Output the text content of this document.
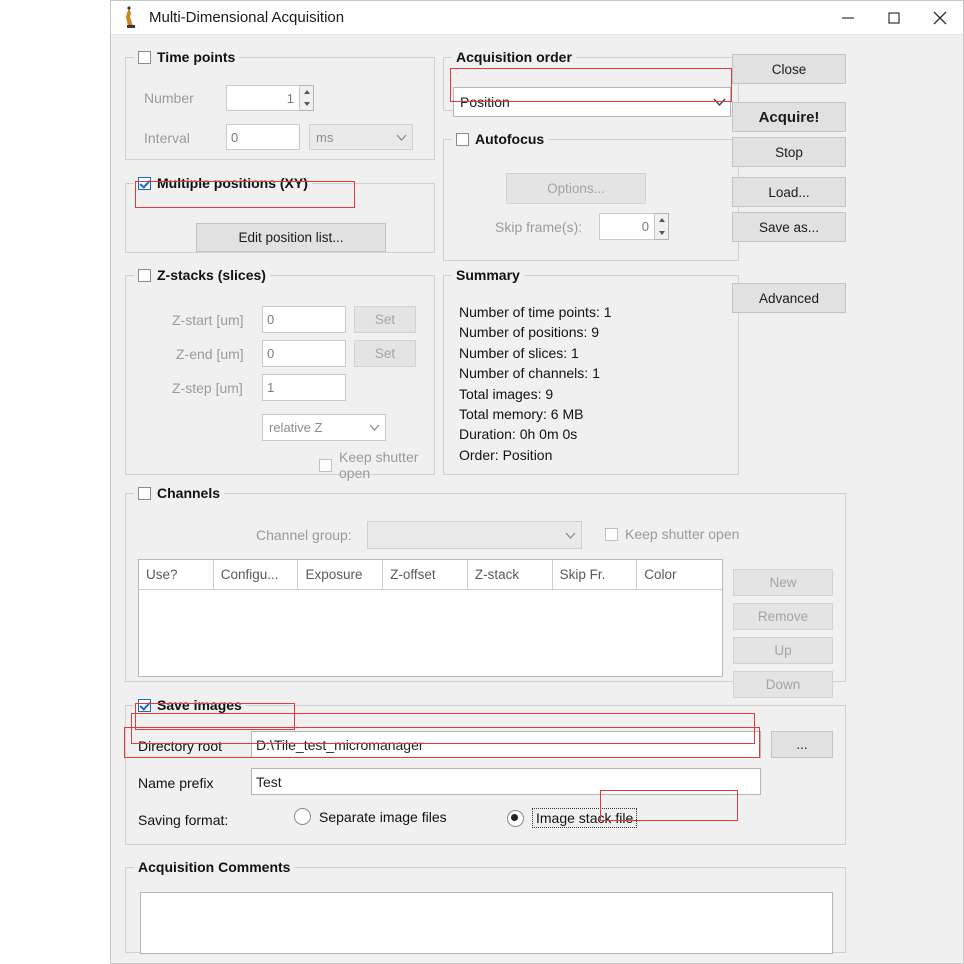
Multi-Dimensional Acquisition
Time points
Number	1
Interval	0	ms
Multiple positions (XY)
Edit position list...
Z-stacks (slices)
Z-start [um]	0	Set
Z-end [um]	0	Set
Z-step [um]	1
relative Z
Keep shutter open
Acquisition order
Position
Autofocus
Options...
Skip frame(s):	0
Summary
Number of time points: 1
Number of positions: 9
Number of slices: 1
Number of channels: 1
Total images: 9
Total memory: 6 MB
Duration: 0h 0m 0s
Order: Position
Close
Acquire!
Stop
Load...
Save as...
Advanced
Channels
Channel group:	Keep shutter open
Use?	Configu...	Exposure	Z-offset	Z-stack	Skip Fr.	Color
New
Remove
Up
Down
Save images
Directory root	D:\Tile_test_micromanager	...
Name prefix	Test
Saving format:	Separate image files	Image stack file
Acquisition Comments
